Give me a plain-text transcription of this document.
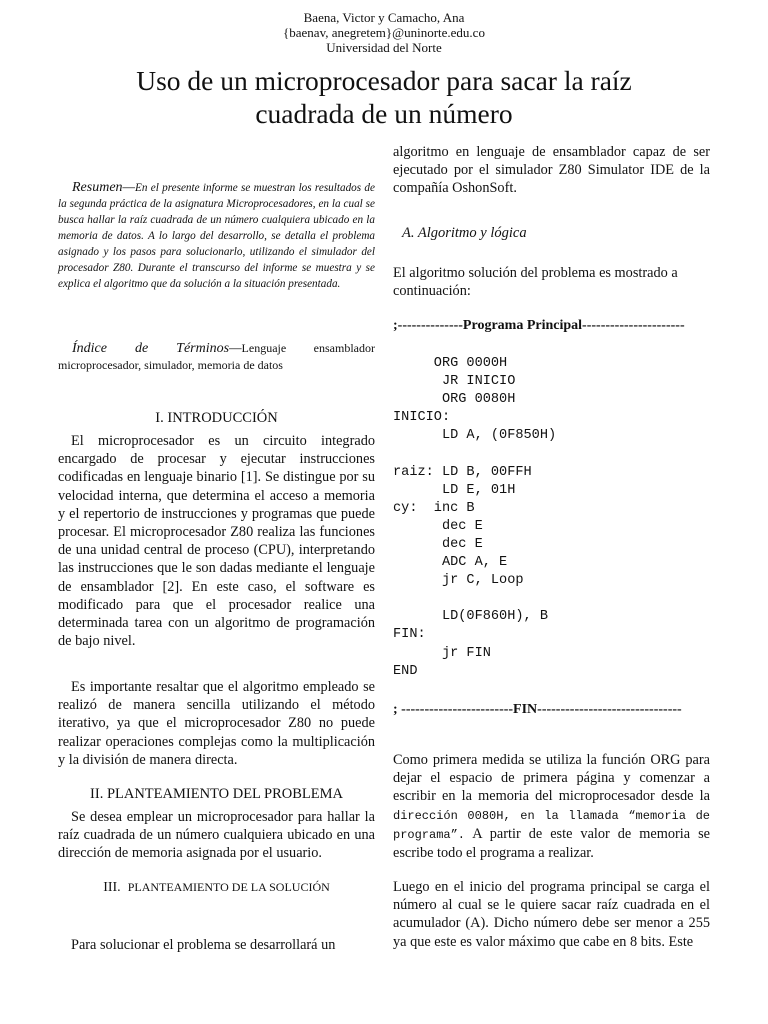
Baena, Victor y Camacho, Ana
{baenav, anegretem}@uninorte.edu.co
Universidad del Norte
Uso de un microprocesador para sacar la raíz
cuadrada de un número
Resumen—En el presente informe se muestran los resultados de la segunda práctica de la asignatura Microprocesadores, en la cual se busca hallar la raíz cuadrada de un número cualquiera ubicado en la memoria de datos. A lo largo del desarrollo, se detalla el problema asignado y los pasos para solucionarlo, utilizando el simulador del procesador Z80. Durante el transcurso del informe se muestra y se explica el algoritmo que da solución a la situación presentada.
Índice de Términos—Lenguaje ensamblador microprocesador, simulador, memoria de datos
I. INTRODUCCIÓN
El microprocesador es un circuito integrado encargado de procesar y ejecutar instrucciones codificadas en lenguaje binario [1]. Se distingue por su velocidad interna, que determina el acceso a memoria y el repertorio de instrucciones y programas que puede procesar. El microprocesador Z80 realiza las funciones de una unidad central de proceso (CPU), interpretando las instrucciones que le son dadas mediante el lenguaje de ensamblador [2]. En este caso, el software es modificado para que el procesador realice una determinada tarea con un algoritmo de programación de bajo nivel.
Es importante resaltar que el algoritmo empleado se realizó de manera sencilla utilizando el método iterativo, ya que el microprocesador Z80 no puede realizar operaciones complejas como la multiplicación y la división de manera directa.
II. PLANTEAMIENTO DEL PROBLEMA
Se desea emplear un microprocesador para hallar la raíz cuadrada de un número cualquiera ubicado en una dirección de memoria asignada por el usuario.
III. PLANTEAMIENTO DE LA SOLUCIÓN
Para solucionar el problema se desarrollará un
algoritmo en lenguaje de ensamblador capaz de ser ejecutado por el simulador Z80 Simulator IDE de la compañía OshonSoft.
A. Algoritmo y lógica
El algoritmo solución del problema es mostrado a continuación:
;--------------Programa Principal----------------------
ORG 0000H
JR INICIO
ORG 0080H
INICIO:
LD A, (0F850H)

raiz: LD B, 00FFH
LD E, 01H
cy:  inc B
dec E
dec E
ADC A, E
jr C, Loop

LD(0F860H), B
FIN:
jr FIN
END
; ------------------------FIN-------------------------------
Como primera medida se utiliza la función ORG para dejar el espacio de primera página y comenzar a escribir en la memoria del microprocesador desde la dirección 0080H, en la llamada “memoria de programa”. A partir de este valor de memoria se escribe todo el programa a realizar.
Luego en el inicio del programa principal se carga el número al cual se le quiere sacar raíz cuadrada en el acumulador (A). Dicho número debe ser menor a 255 ya que este es valor máximo que cabe en 8 bits. Este
